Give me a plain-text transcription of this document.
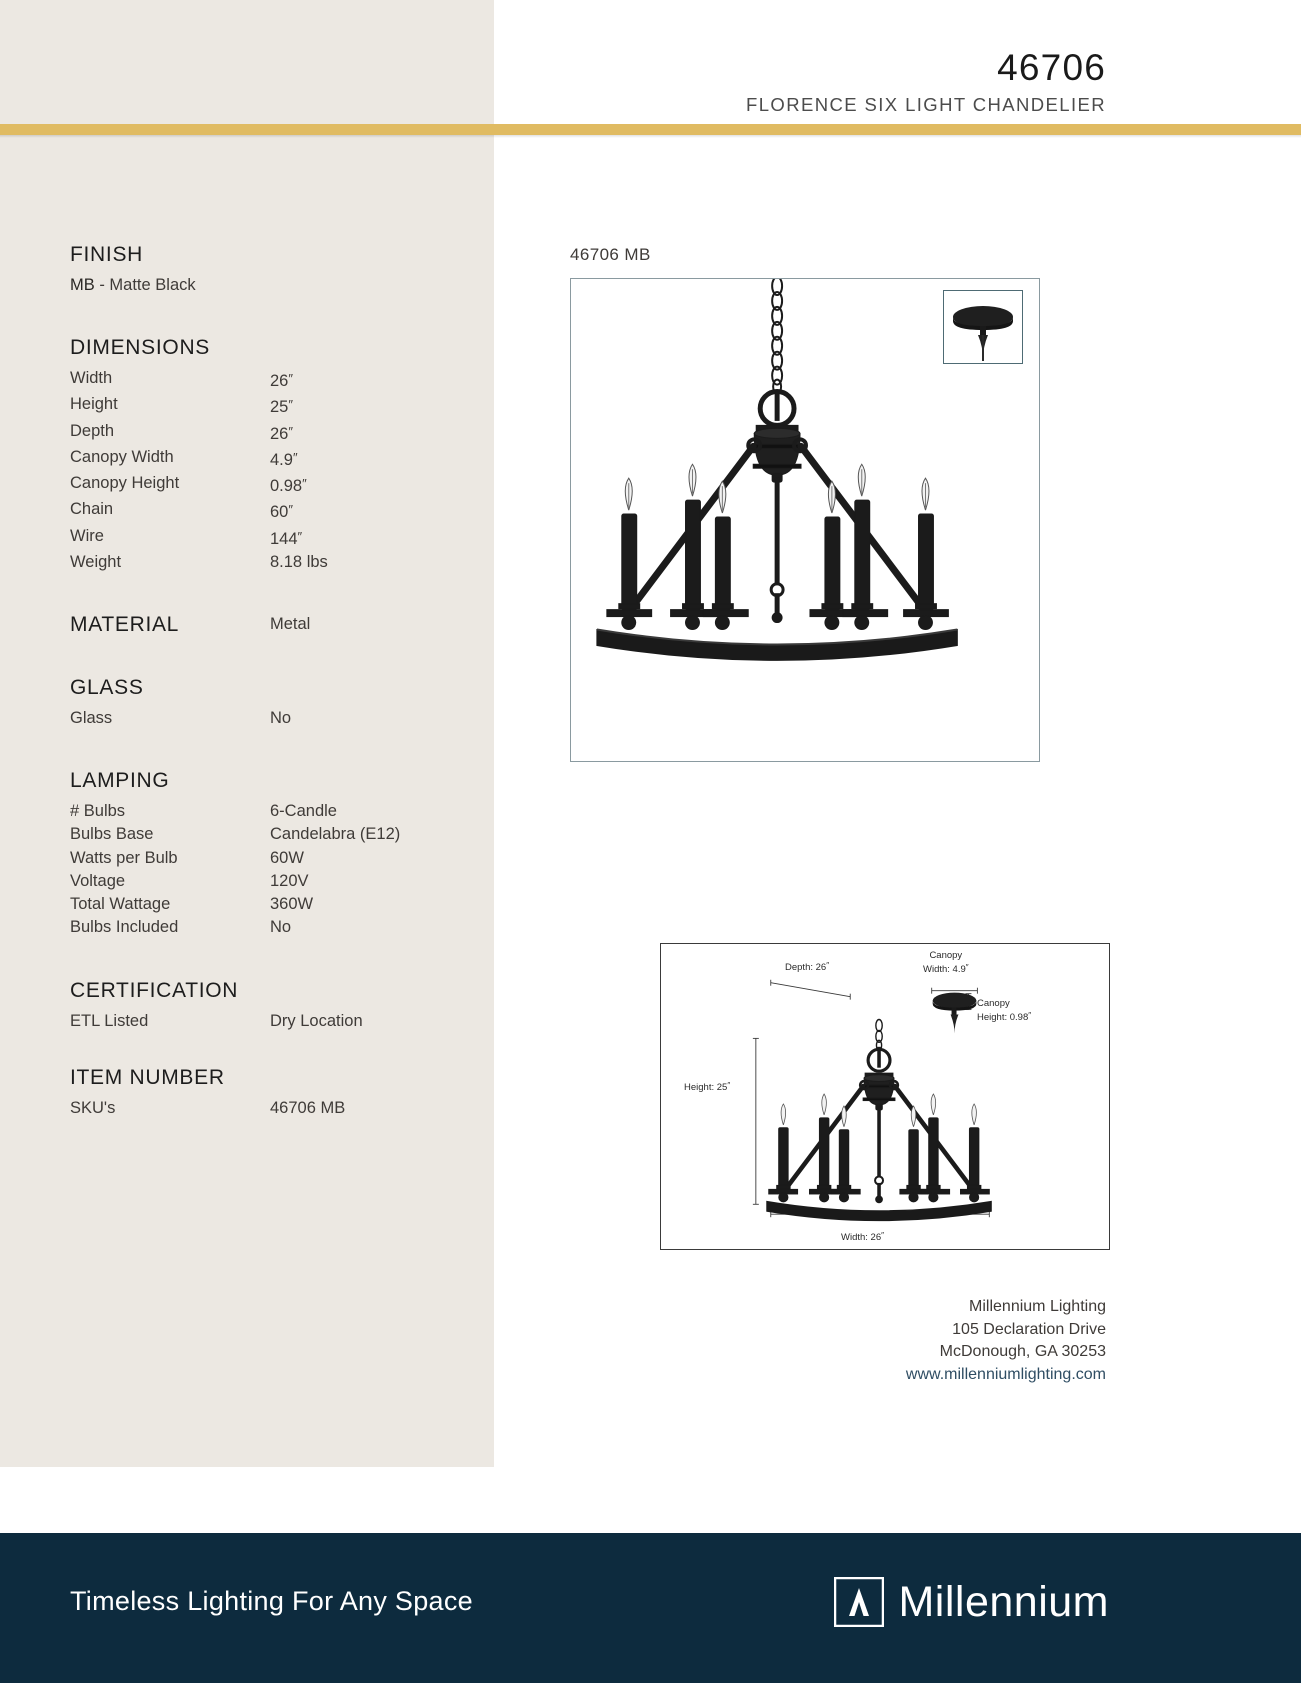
46706
FLORENCE SIX LIGHT CHANDELIER
FINISH
MB - Matte Black
DIMENSIONS
Width	26″
Height	25″
Depth	26″
Canopy Width	4.9″
Canopy Height	0.98″
Chain	60″
Wire	144″
Weight	8.18 lbs
MATERIAL	Metal
GLASS
Glass	No
LAMPING
# Bulbs	6-Candle
Bulbs Base	Candelabra (E12)
Watts per Bulb	60W
Voltage	120V
Total Wattage	360W
Bulbs Included	No
CERTIFICATION
ETL Listed	Dry Location
ITEM NUMBER
SKU's	46706 MB
46706 MB
Depth: 26″
Canopy
Width: 4.9″
Canopy
Height: 0.98″
Height: 25″
Width: 26″
Millennium Lighting
105 Declaration Drive
McDonough, GA 30253
www.millenniumlighting.com
Timeless Lighting For Any Space	Millennium
